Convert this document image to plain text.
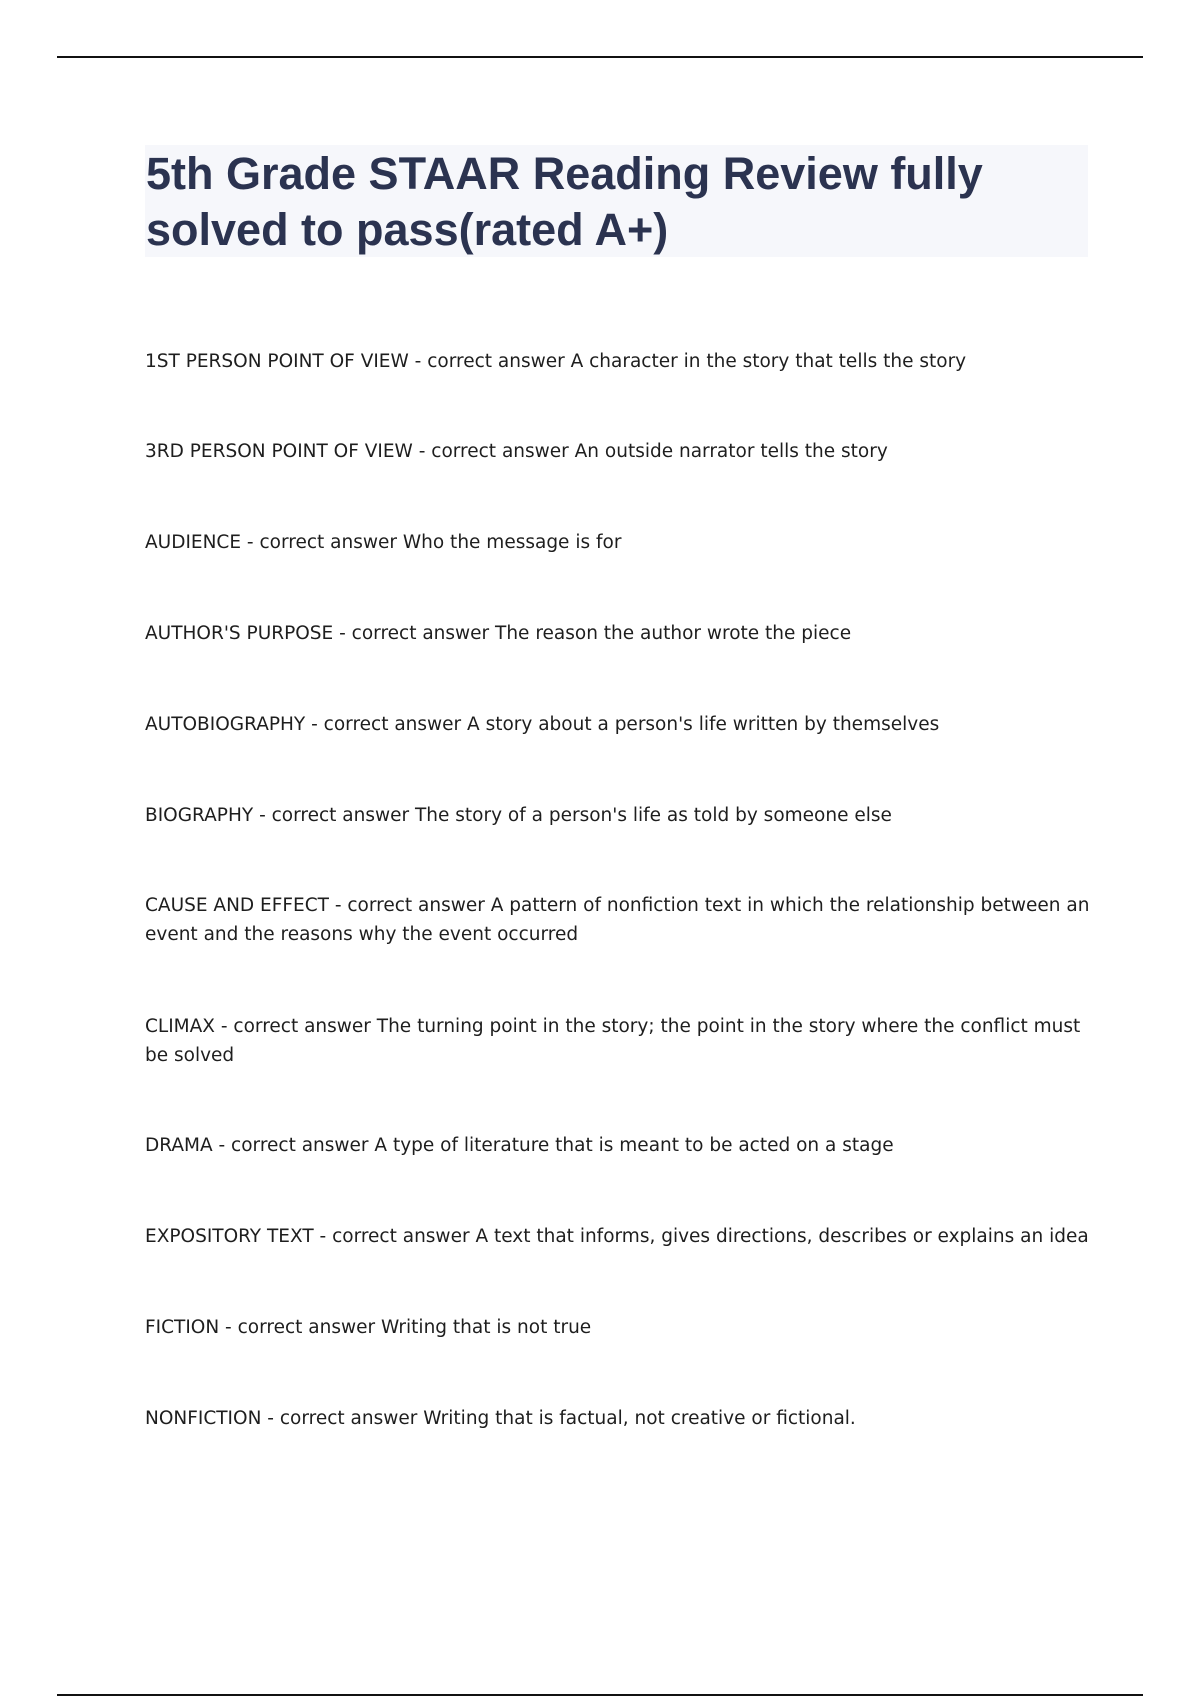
5th Grade STAAR Reading Review fully solved to pass(rated A+)

1ST PERSON POINT OF VIEW - correct answer A character in the story that tells the story

3RD PERSON POINT OF VIEW - correct answer An outside narrator tells the story

AUDIENCE - correct answer Who the message is for

AUTHOR'S PURPOSE - correct answer The reason the author wrote the piece

AUTOBIOGRAPHY - correct answer A story about a person's life written by themselves

BIOGRAPHY - correct answer The story of a person's life as told by someone else

CAUSE AND EFFECT - correct answer A pattern of nonfiction text in which the relationship between an event and the reasons why the event occurred

CLIMAX - correct answer The turning point in the story; the point in the story where the conflict must be solved

DRAMA - correct answer A type of literature that is meant to be acted on a stage

EXPOSITORY TEXT - correct answer A text that informs, gives directions, describes or explains an idea

FICTION - correct answer Writing that is not true

NONFICTION - correct answer Writing that is factual, not creative or fictional.
